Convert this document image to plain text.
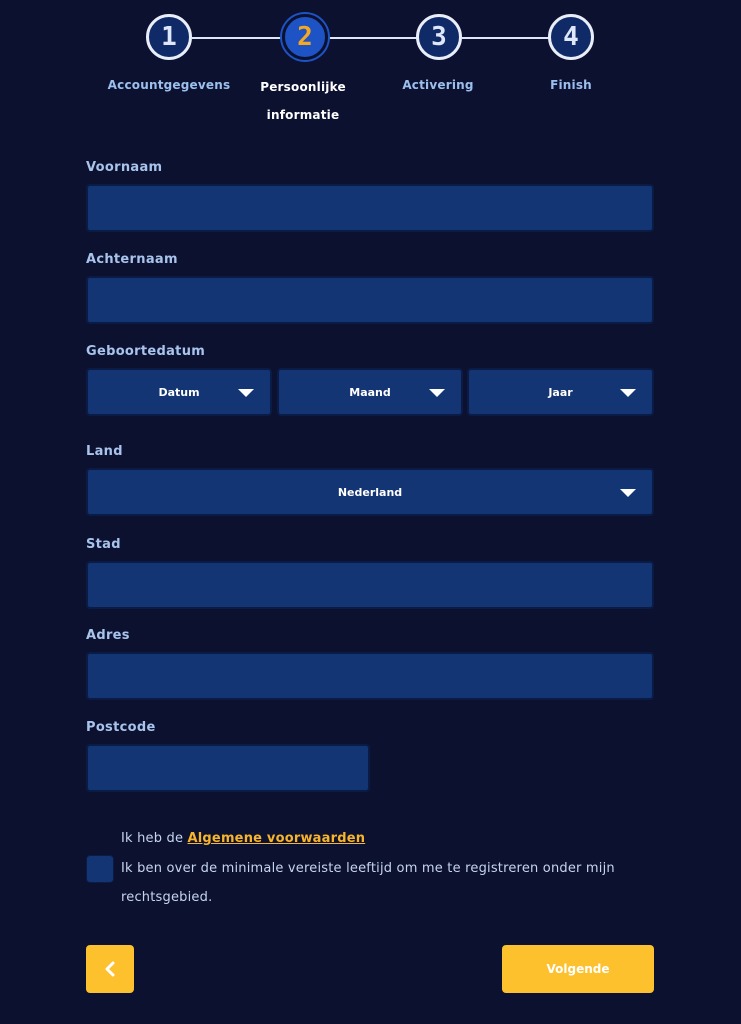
1	2	3	4
Accountgegevens	Persoonlijke informatie
Activering	Finish
Voornaam
Achternaam
Geboortedatum
Datum	Maand	Jaar
Land
Nederland
Stad
Adres
Postcode
Ik heb de Algemene voorwaarden
Ik ben over de minimale vereiste leeftijd om me te registreren onder mijn
rechtsgebied.
Volgende
